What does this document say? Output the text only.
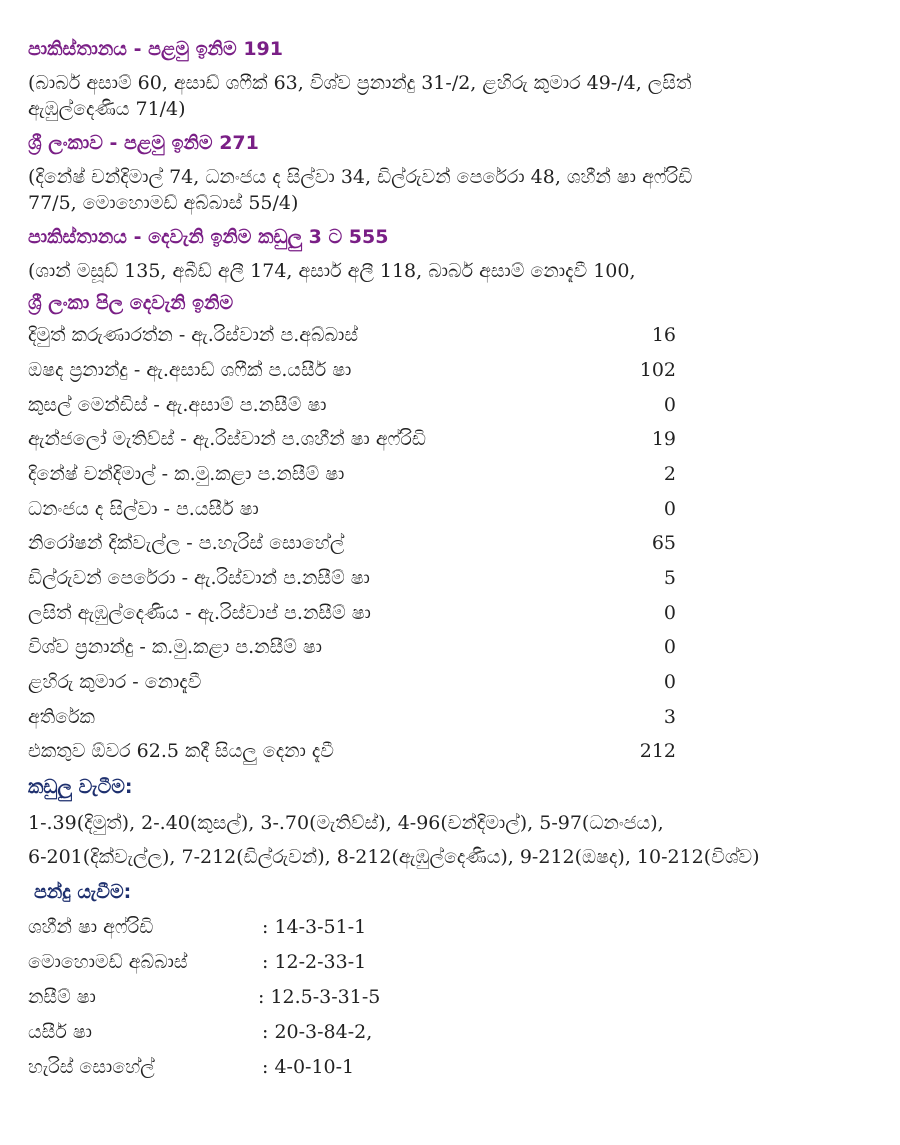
පාකිස්තානය - පළමු ඉනිම 191
(බාබර් අසාම් 60, අසාඩ් ශෆීක් 63, විශ්ව ප්‍රනාන්දු 31-/2, ළහිරු කුමාර 49-/4, ලසිත්
ඇඹුල්දෙණිය 71/4)
ශ්‍රී ලංකාව - පළමු ඉනිම 271
(දිනේෂ් චන්දිමාල් 74, ධනංජය ද සිල්වා 34, ඩිල්රුවන් පෙරේරා 48, ශහීන් ෂා අෆ්රිඩි
77/5, මොහොමඩ් අබ්බාස් 55/4)
පාකිස්තානය - දෙවැනි ඉනිම කඩුලු 3 ට 555
(ශාන් මසූඩ් 135, අබීඩ් අලී 174, අසාර් අලී 118, බාබර් අසාම් නොදැවී 100,
ශ්‍රී ලංකා පිල දෙවැනි ඉනිම
දිමුත් කරුණාරත්න - ඇ.රිස්වාන් ප.අබ්බාස්	16
ඔෂද ප්‍රනාන්දු - ඇ.අසාඩ් ශෆීක් ප.යසීර් ෂා	102
කුසල් මෙන්ඩිස් - ඇ.අසාම් ප.නසීම් ෂා	0
ඇන්ජලෝ මැතිව්ස් - ඇ.රිස්වාන් ප.ශහීන් ෂා අෆ්රිඩි	19
දිනේෂ් චන්දිමාල් - ක.මු.කළා ප.නසීම් ෂා	2
ධනංජය ද සිල්වා - ප.යසීර් ෂා	0
නිරෝෂන් දික්වැල්ල - ප.හැරිස් සොහේල්	65
ඩිල්රුවන් පෙරේරා - ඇ.රිස්වාන් ප.නසීම් ෂා	5
ලසිත් ඇඹුල්දෙණිය - ඇ.රිස්වාප් ප.නසීම් ෂා	0
විශ්ව ප්‍රනාන්දු - ක.මු.කළා ප.නසීම් ෂා	0
ළහිරු කුමාර - නොදැවී	0
අතිරේක	3
එකතුව ඕවර 62.5 කදී සියලු දෙනා දැවී	212
කඩුලු වැටීම:
1-.39(දිමුත්), 2-.40(කුසල්), 3-.70(මැතිව්ස්), 4-96(චන්දිමාල්), 5-97(ධනංජය),
6-201(දික්වැල්ල), 7-212(ඩිල්රුවන්), 8-212(ඇඹුල්දෙණිය), 9-212(ඔෂද), 10-212(විශ්ව)
පන්දු යැවීම:
ශහීන් ෂා අෆ්රිඩි	: 14-3-51-1
මොහොමඩ් අබ්බාස්	: 12-2-33-1
නසීම් ෂා	: 12.5-3-31-5
යසීර් ෂා	: 20-3-84-2,
හැරිස් සොහේල්	: 4-0-10-1
